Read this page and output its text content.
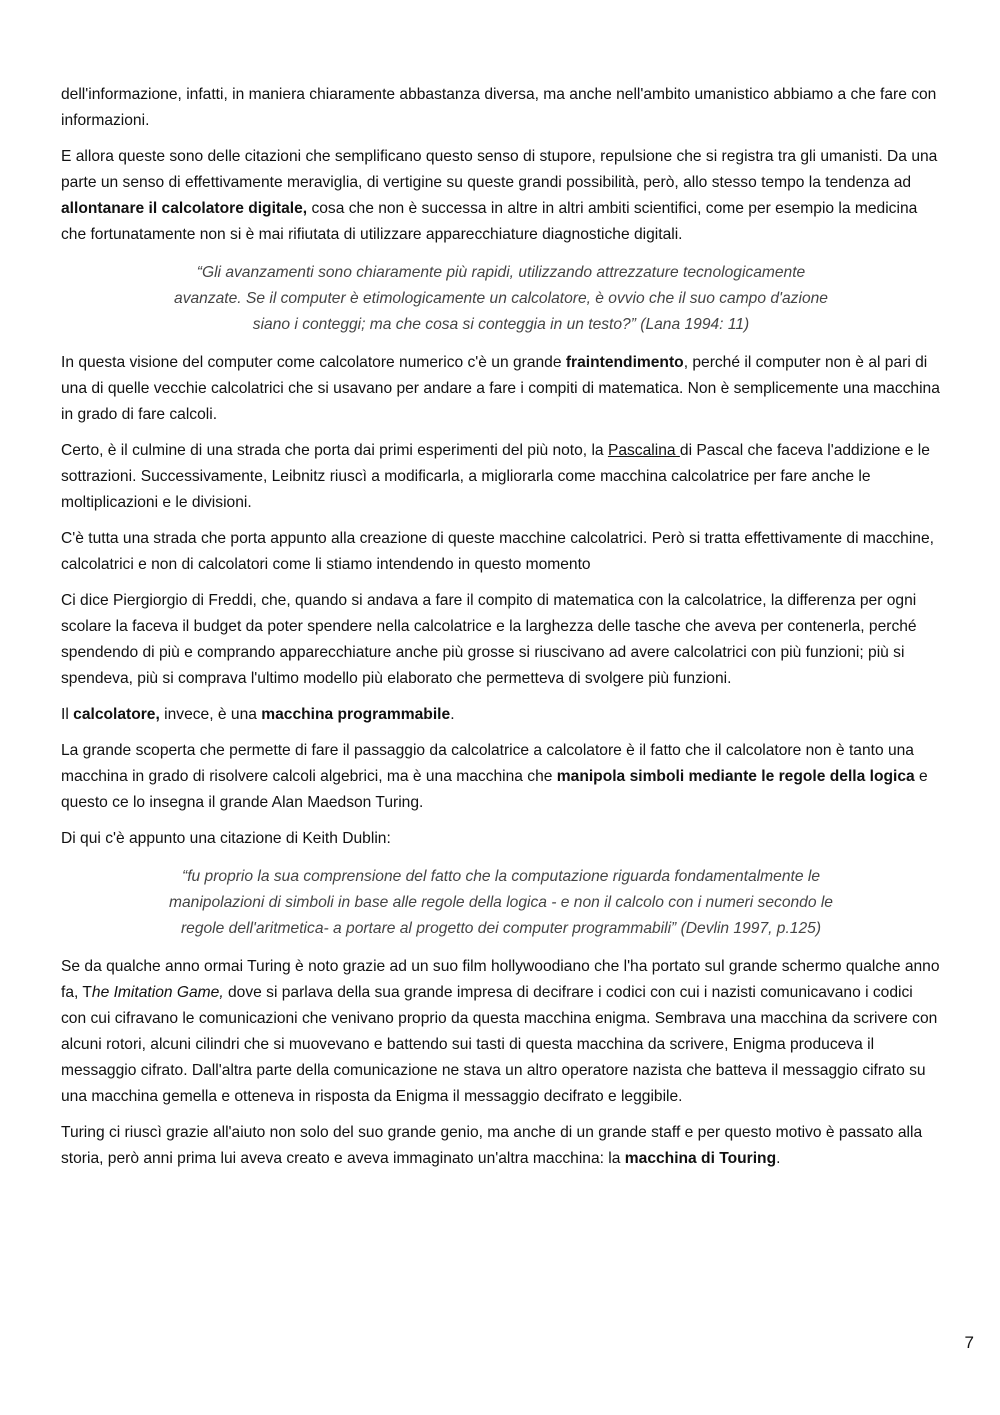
dell'informazione, infatti, in maniera chiaramente abbastanza diversa, ma anche nell'ambito umanistico abbiamo a che fare con informazioni.

E allora queste sono delle citazioni che semplificano questo senso di stupore, repulsione che si registra tra gli umanisti. Da una parte un senso di effettivamente meraviglia, di vertigine su queste grandi possibilità, però, allo stesso tempo la tendenza ad allontanare il calcolatore digitale, cosa che non è successa in altre in altri ambiti scientifici, come per esempio la medicina che fortunatamente non si è mai rifiutata di utilizzare apparecchiature diagnostiche digitali.

“Gli avanzamenti sono chiaramente più rapidi, utilizzando attrezzature tecnologicamente
avanzate. Se il computer è etimologicamente un calcolatore, è ovvio che il suo campo d'azione
siano i conteggi; ma che cosa si conteggia in un testo?” (Lana 1994: 11)

In questa visione del computer come calcolatore numerico c'è un grande fraintendimento, perché il computer non è al pari di una di quelle vecchie calcolatrici che si usavano per andare a fare i compiti di matematica. Non è semplicemente una macchina in grado di fare calcoli.

Certo, è il culmine di una strada che porta dai primi esperimenti del più noto, la Pascalina di Pascal che faceva l'addizione e le sottrazioni. Successivamente, Leibnitz riuscì a modificarla, a migliorarla come macchina calcolatrice per fare anche le moltiplicazioni e le divisioni.

C'è tutta una strada che porta appunto alla creazione di queste macchine calcolatrici. Però si tratta effettivamente di macchine, calcolatrici e non di calcolatori come li stiamo intendendo in questo momento

Ci dice Piergiorgio di Freddi, che, quando si andava a fare il compito di matematica con la calcolatrice, la differenza per ogni scolare la faceva il budget da poter spendere nella calcolatrice e la larghezza delle tasche che aveva per contenerla, perché spendendo di più e comprando apparecchiature anche più grosse si riuscivano ad avere calcolatrici con più funzioni; più si spendeva, più si comprava l'ultimo modello più elaborato che permetteva di svolgere più funzioni.

Il calcolatore, invece, è una macchina programmabile.

La grande scoperta che permette di fare il passaggio da calcolatrice a calcolatore è il fatto che il calcolatore non è tanto una macchina in grado di risolvere calcoli algebrici, ma è una macchina che manipola simboli mediante le regole della logica e questo ce lo insegna il grande Alan Maedson Turing.

Di qui c'è appunto una citazione di Keith Dublin:

“fu proprio la sua comprensione del fatto che la computazione riguarda fondamentalmente le
manipolazioni di simboli in base alle regole della logica - e non il calcolo con i numeri secondo le
regole dell'aritmetica- a portare al progetto dei computer programmabili” (Devlin 1997, p.125)

Se da qualche anno ormai Turing è noto grazie ad un suo film hollywoodiano che l'ha portato sul grande schermo qualche anno fa, The Imitation Game, dove si parlava della sua grande impresa di decifrare i codici con cui i nazisti comunicavano i codici con cui cifravano le comunicazioni che venivano proprio da questa macchina enigma. Sembrava una macchina da scrivere con alcuni rotori, alcuni cilindri che si muovevano e battendo sui tasti di questa macchina da scrivere, Enigma produceva il messaggio cifrato. Dall'altra parte della comunicazione ne stava un altro operatore nazista che batteva il messaggio cifrato su una macchina gemella e otteneva in risposta da Enigma il messaggio decifrato e leggibile.

Turing ci riuscì grazie all'aiuto non solo del suo grande genio, ma anche di un grande staff e per questo motivo è passato alla storia, però anni prima lui aveva creato e aveva immaginato un'altra macchina: la macchina di Touring.

7
